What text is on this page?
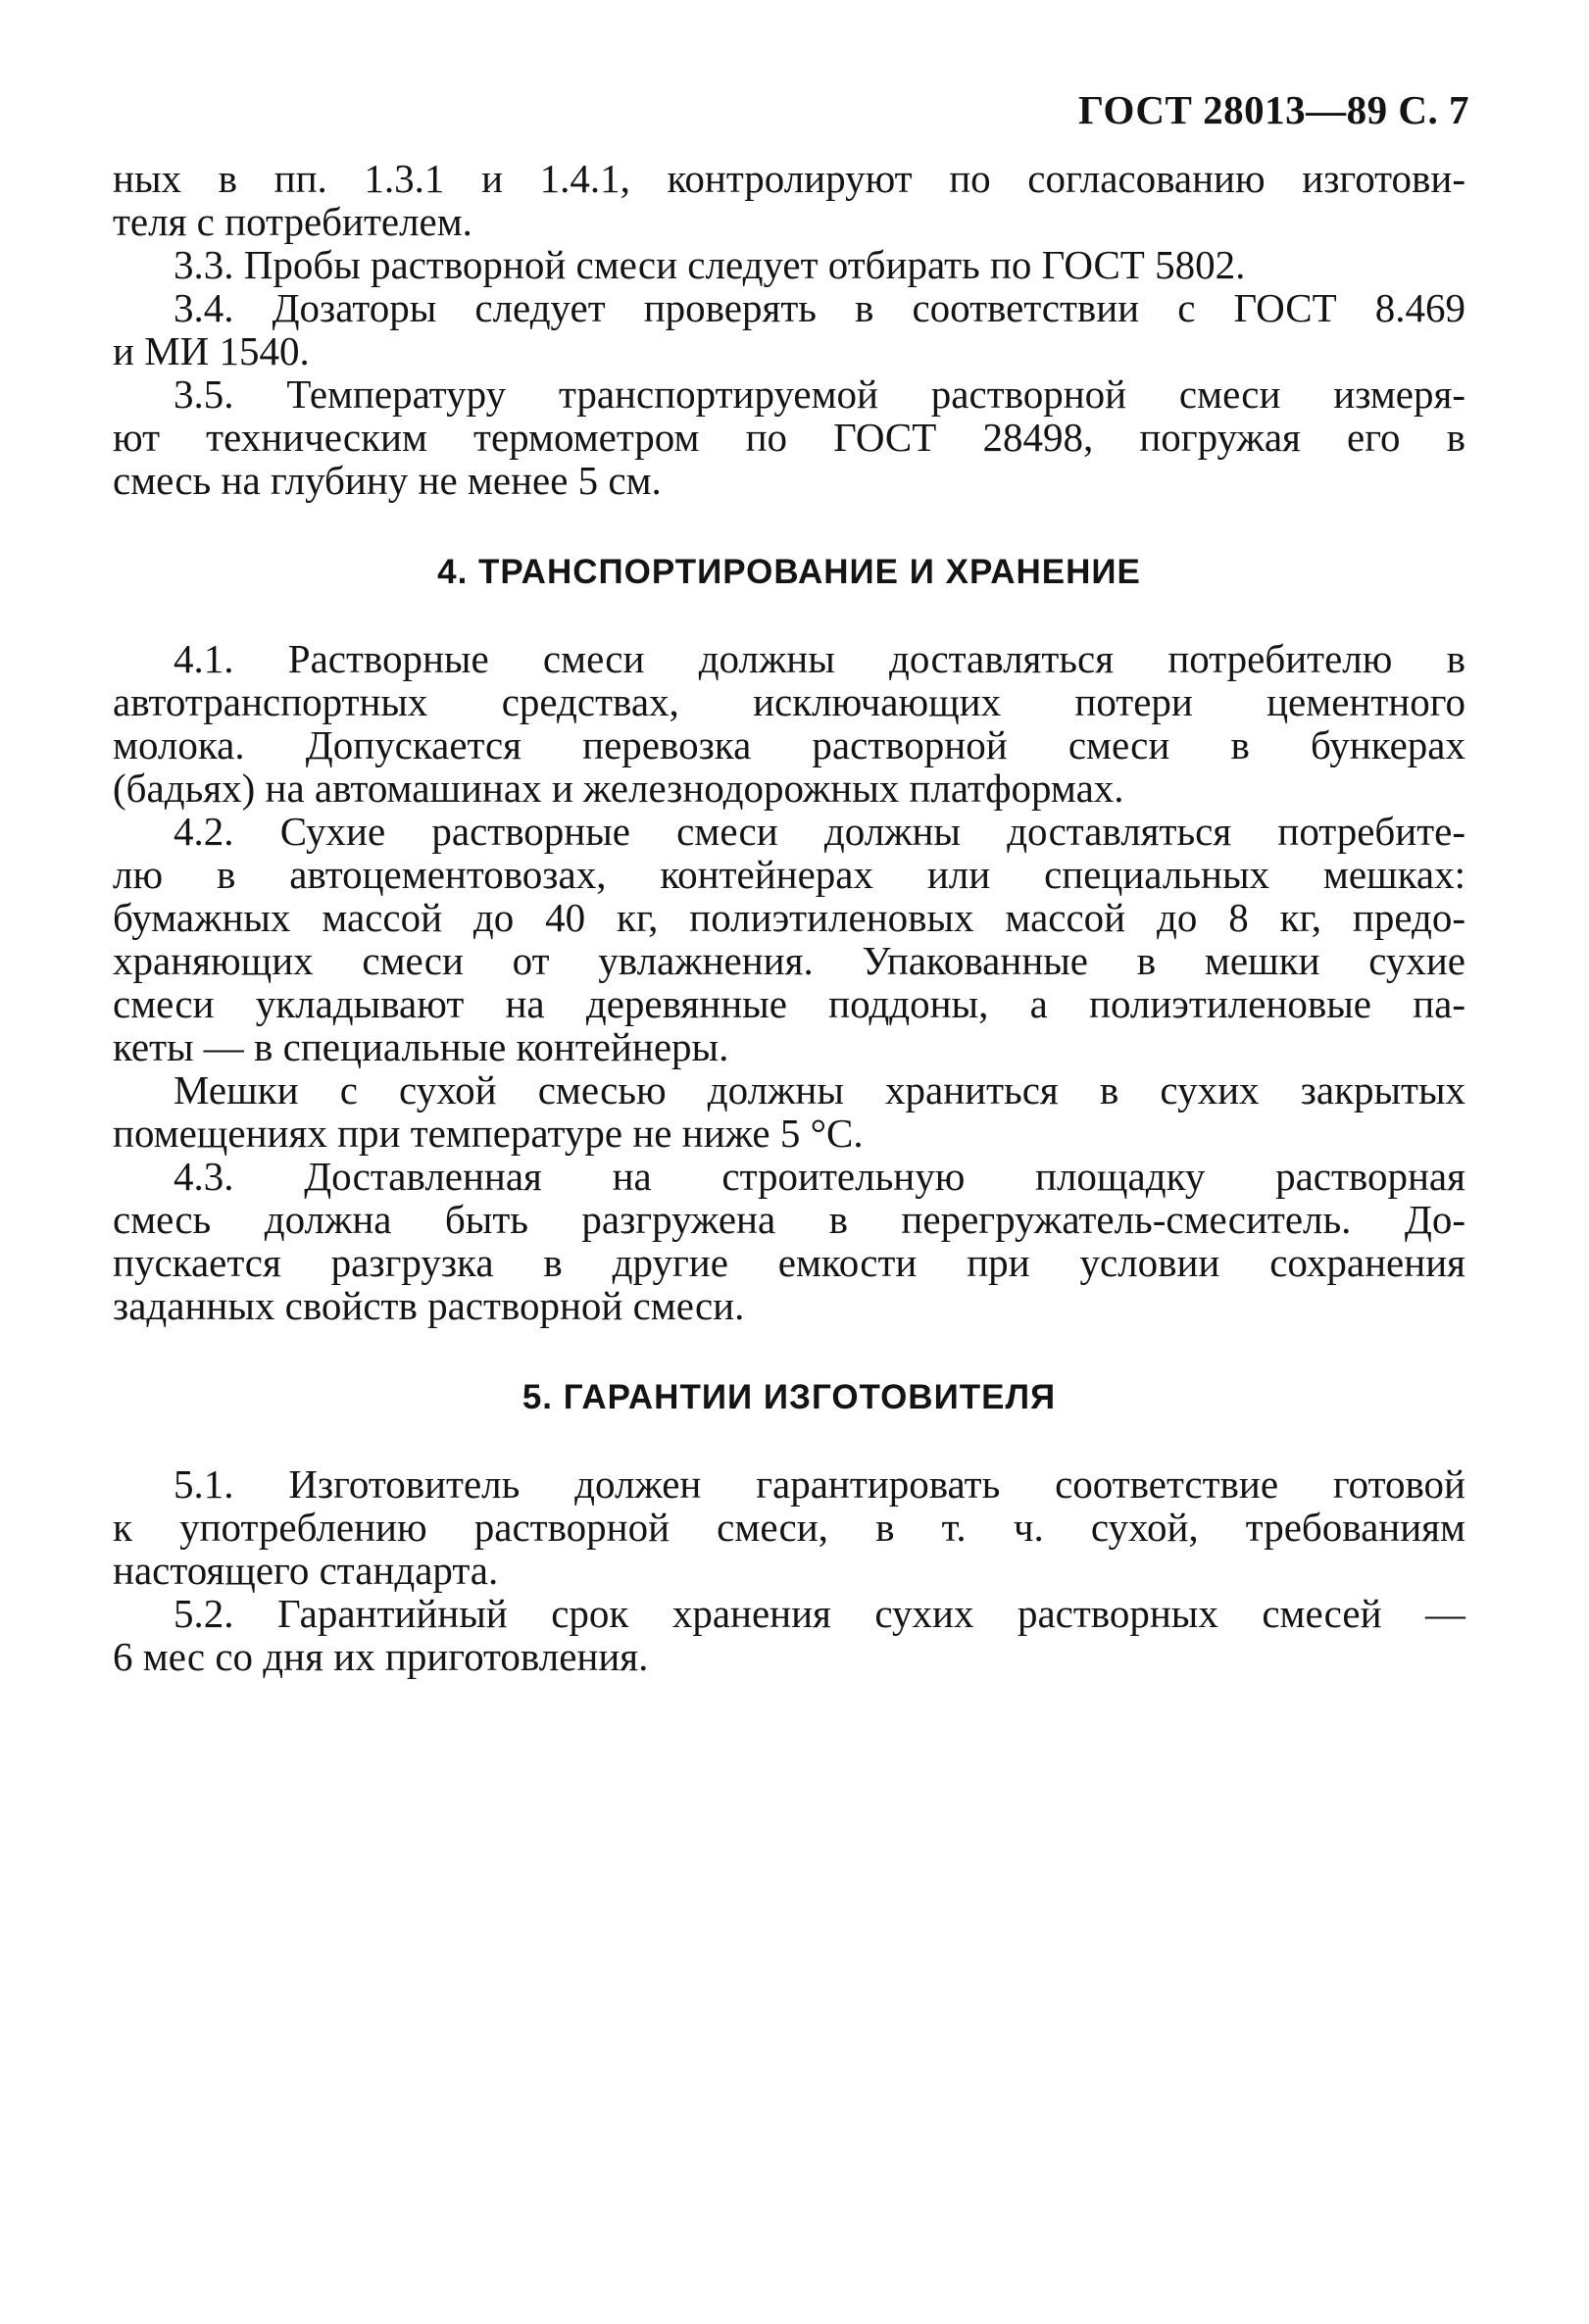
ГОСТ 28013—89 С. 7
ных в пп. 1.3.1 и 1.4.1, контролируют по согласованию изготови-
теля с потребителем.
3.3. Пробы растворной смеси следует отбирать по ГОСТ 5802.
3.4. Дозаторы следует проверять в соответствии с ГОСТ 8.469
и МИ 1540.
3.5. Температуру транспортируемой растворной смеси измеря-
ют техническим термометром по ГОСТ 28498, погружая его в
смесь на глубину не менее 5 см.
4. ТРАНСПОРТИРОВАНИЕ И ХРАНЕНИЕ
4.1. Растворные смеси должны доставляться потребителю в
автотранспортных средствах, исключающих потери цементного
молока. Допускается перевозка растворной смеси в бункерах
(бадьях) на автомашинах и железнодорожных платформах.
4.2. Сухие растворные смеси должны доставляться потребите-
лю в автоцементовозах, контейнерах или специальных мешках:
бумажных массой до 40 кг, полиэтиленовых массой до 8 кг, предо-
храняющих смеси от увлажнения. Упакованные в мешки сухие
смеси укладывают на деревянные поддоны, а полиэтиленовые па-
кеты — в специальные контейнеры.
Мешки с сухой смесью должны храниться в сухих закрытых
помещениях при температуре не ниже 5 °С.
4.3. Доставленная на строительную площадку растворная
смесь должна быть разгружена в перегружатель-смеситель. До-
пускается разгрузка в другие емкости при условии сохранения
заданных свойств растворной смеси.
5. ГАРАНТИИ ИЗГОТОВИТЕЛЯ
5.1. Изготовитель должен гарантировать соответствие готовой
к употреблению растворной смеси, в т. ч. сухой, требованиям
настоящего стандарта.
5.2. Гарантийный срок хранения сухих растворных смесей —
6 мес со дня их приготовления.
